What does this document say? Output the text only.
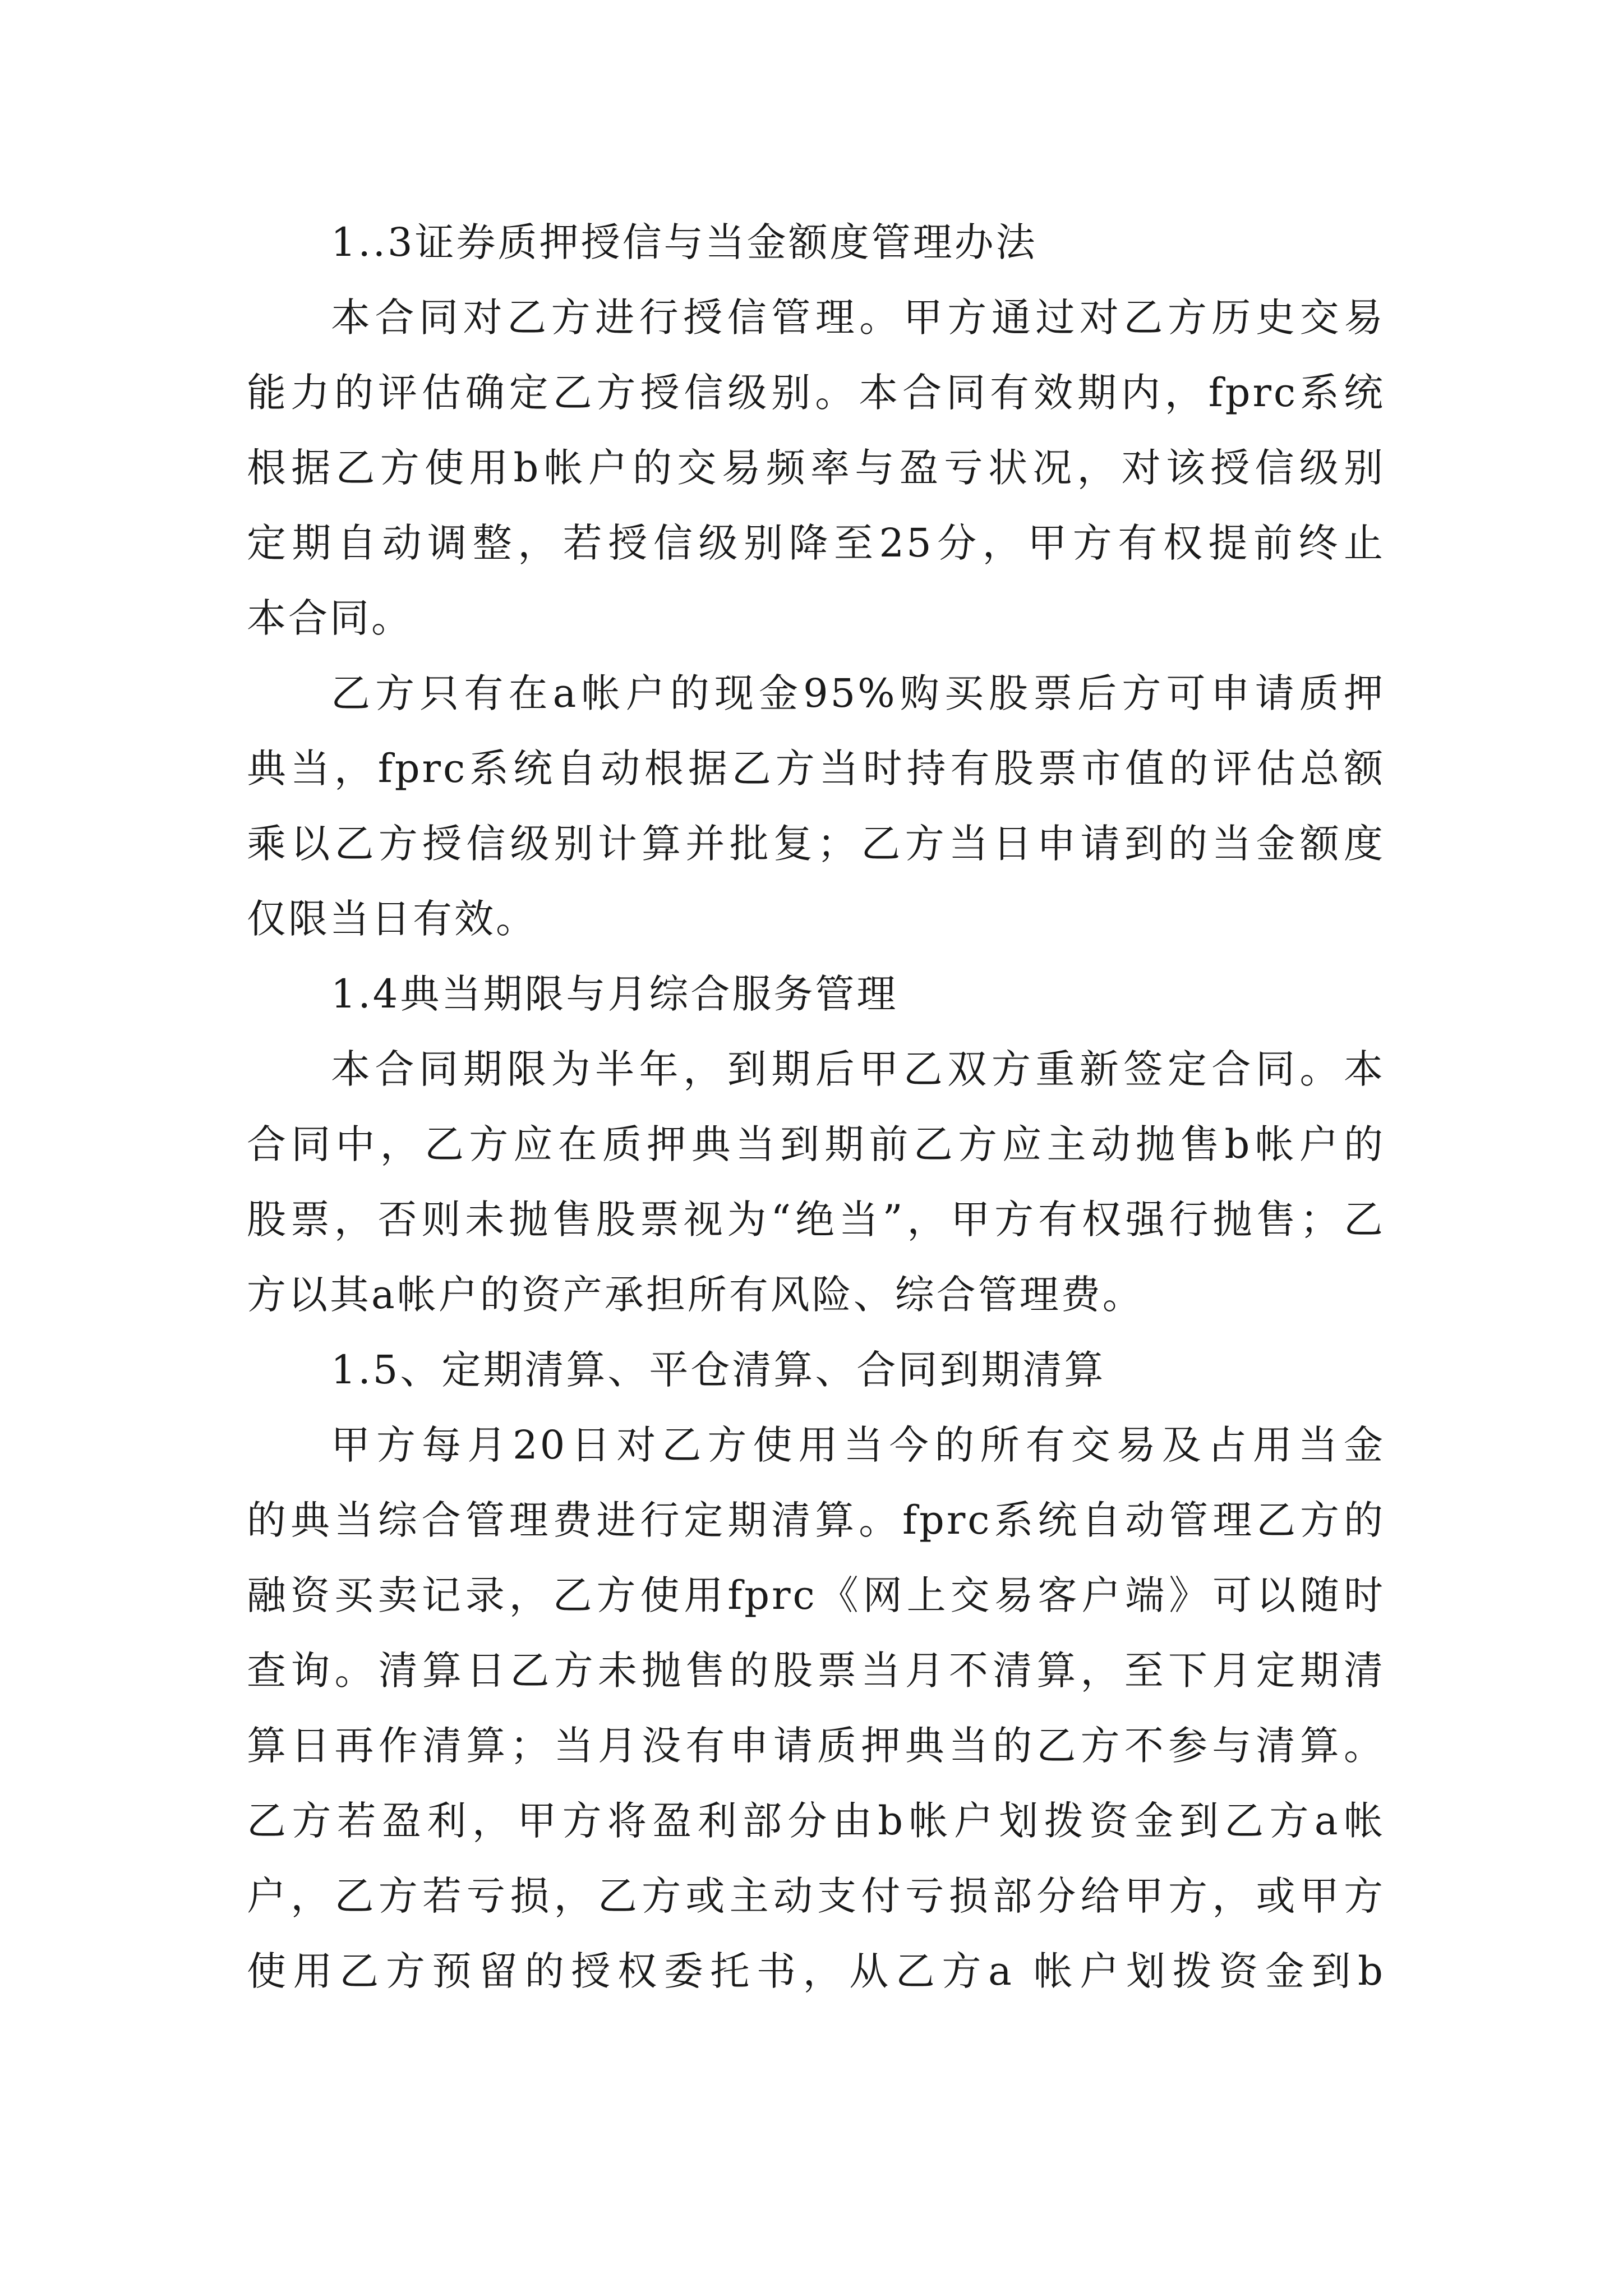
1..3证券质押授信与当金额度管理办法
本合同对乙方进行授信管理。甲方通过对乙方历史交易
能力的评估确定乙方授信级别。本合同有效期内，fprc系统
根据乙方使用b帐户的交易频率与盈亏状况，对该授信级别
定期自动调整，若授信级别降至25分，甲方有权提前终止
本合同。
乙方只有在a帐户的现金95%购买股票后方可申请质押
典当，fprc系统自动根据乙方当时持有股票市值的评估总额
乘以乙方授信级别计算并批复；乙方当日申请到的当金额度
仅限当日有效。
1.4典当期限与月综合服务管理
本合同期限为半年，到期后甲乙双方重新签定合同。本
合同中，乙方应在质押典当到期前乙方应主动抛售b帐户的
股票，否则未抛售股票视为“绝当”，甲方有权强行抛售；乙
方以其a帐户的资产承担所有风险、综合管理费。
1.5、定期清算、平仓清算、合同到期清算
甲方每月20日对乙方使用当今的所有交易及占用当金
的典当综合管理费进行定期清算。fprc系统自动管理乙方的
融资买卖记录，乙方使用fprc《网上交易客户端》可以随时
查询。清算日乙方未抛售的股票当月不清算，至下月定期清
算日再作清算；当月没有申请质押典当的乙方不参与清算。
乙方若盈利，甲方将盈利部分由b帐户划拨资金到乙方a帐
户，乙方若亏损，乙方或主动支付亏损部分给甲方，或甲方
使用乙方预留的授权委托书，从乙方a 帐户划拨资金到b
